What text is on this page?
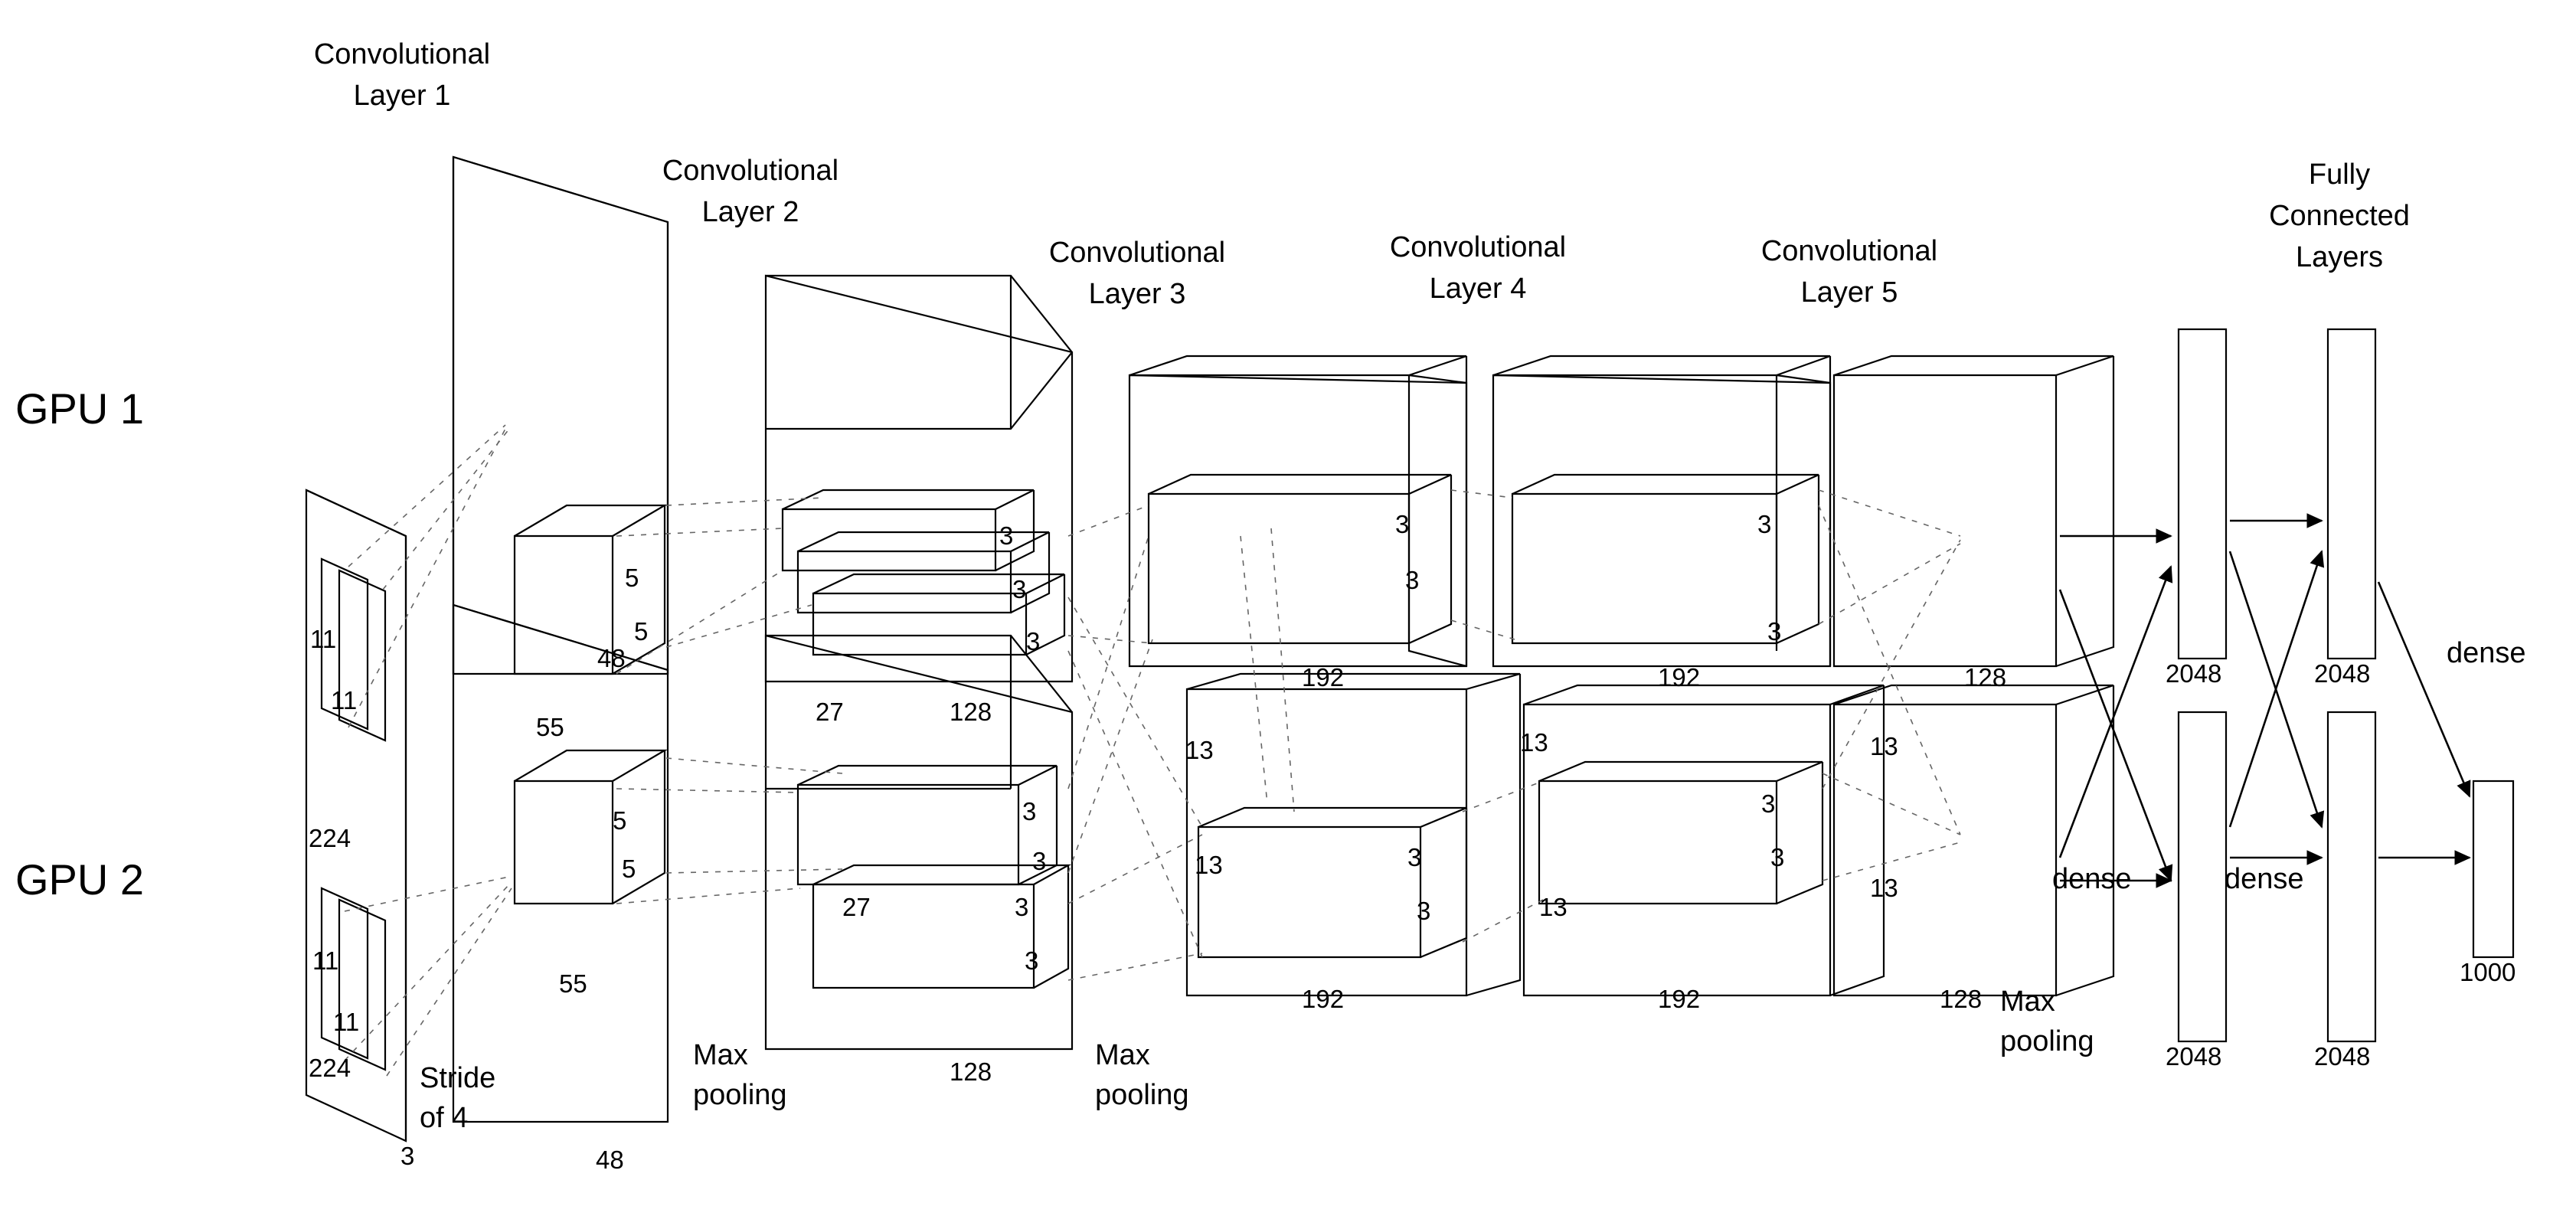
GPU 1
GPU 2
Convolutional
Layer 1
Convolutional
Layer 2
Convolutional
Layer 3
Convolutional
Layer 4
Convolutional
Layer 5
Fully
Connected
Layers
11
11
11
11
224
224
3
Stride
of 4
5
5
48
55
5
5
55
48
Max
pooling
3
3
3
27	128
3
3
27	3
3
128
Max
pooling
3
3
192
13
3
13
3
192
3
3
192
13
3
3
13
192
13
13
128
128 Max
pooling
dense	dense
dense
2048
2048
2048
2048
1000
